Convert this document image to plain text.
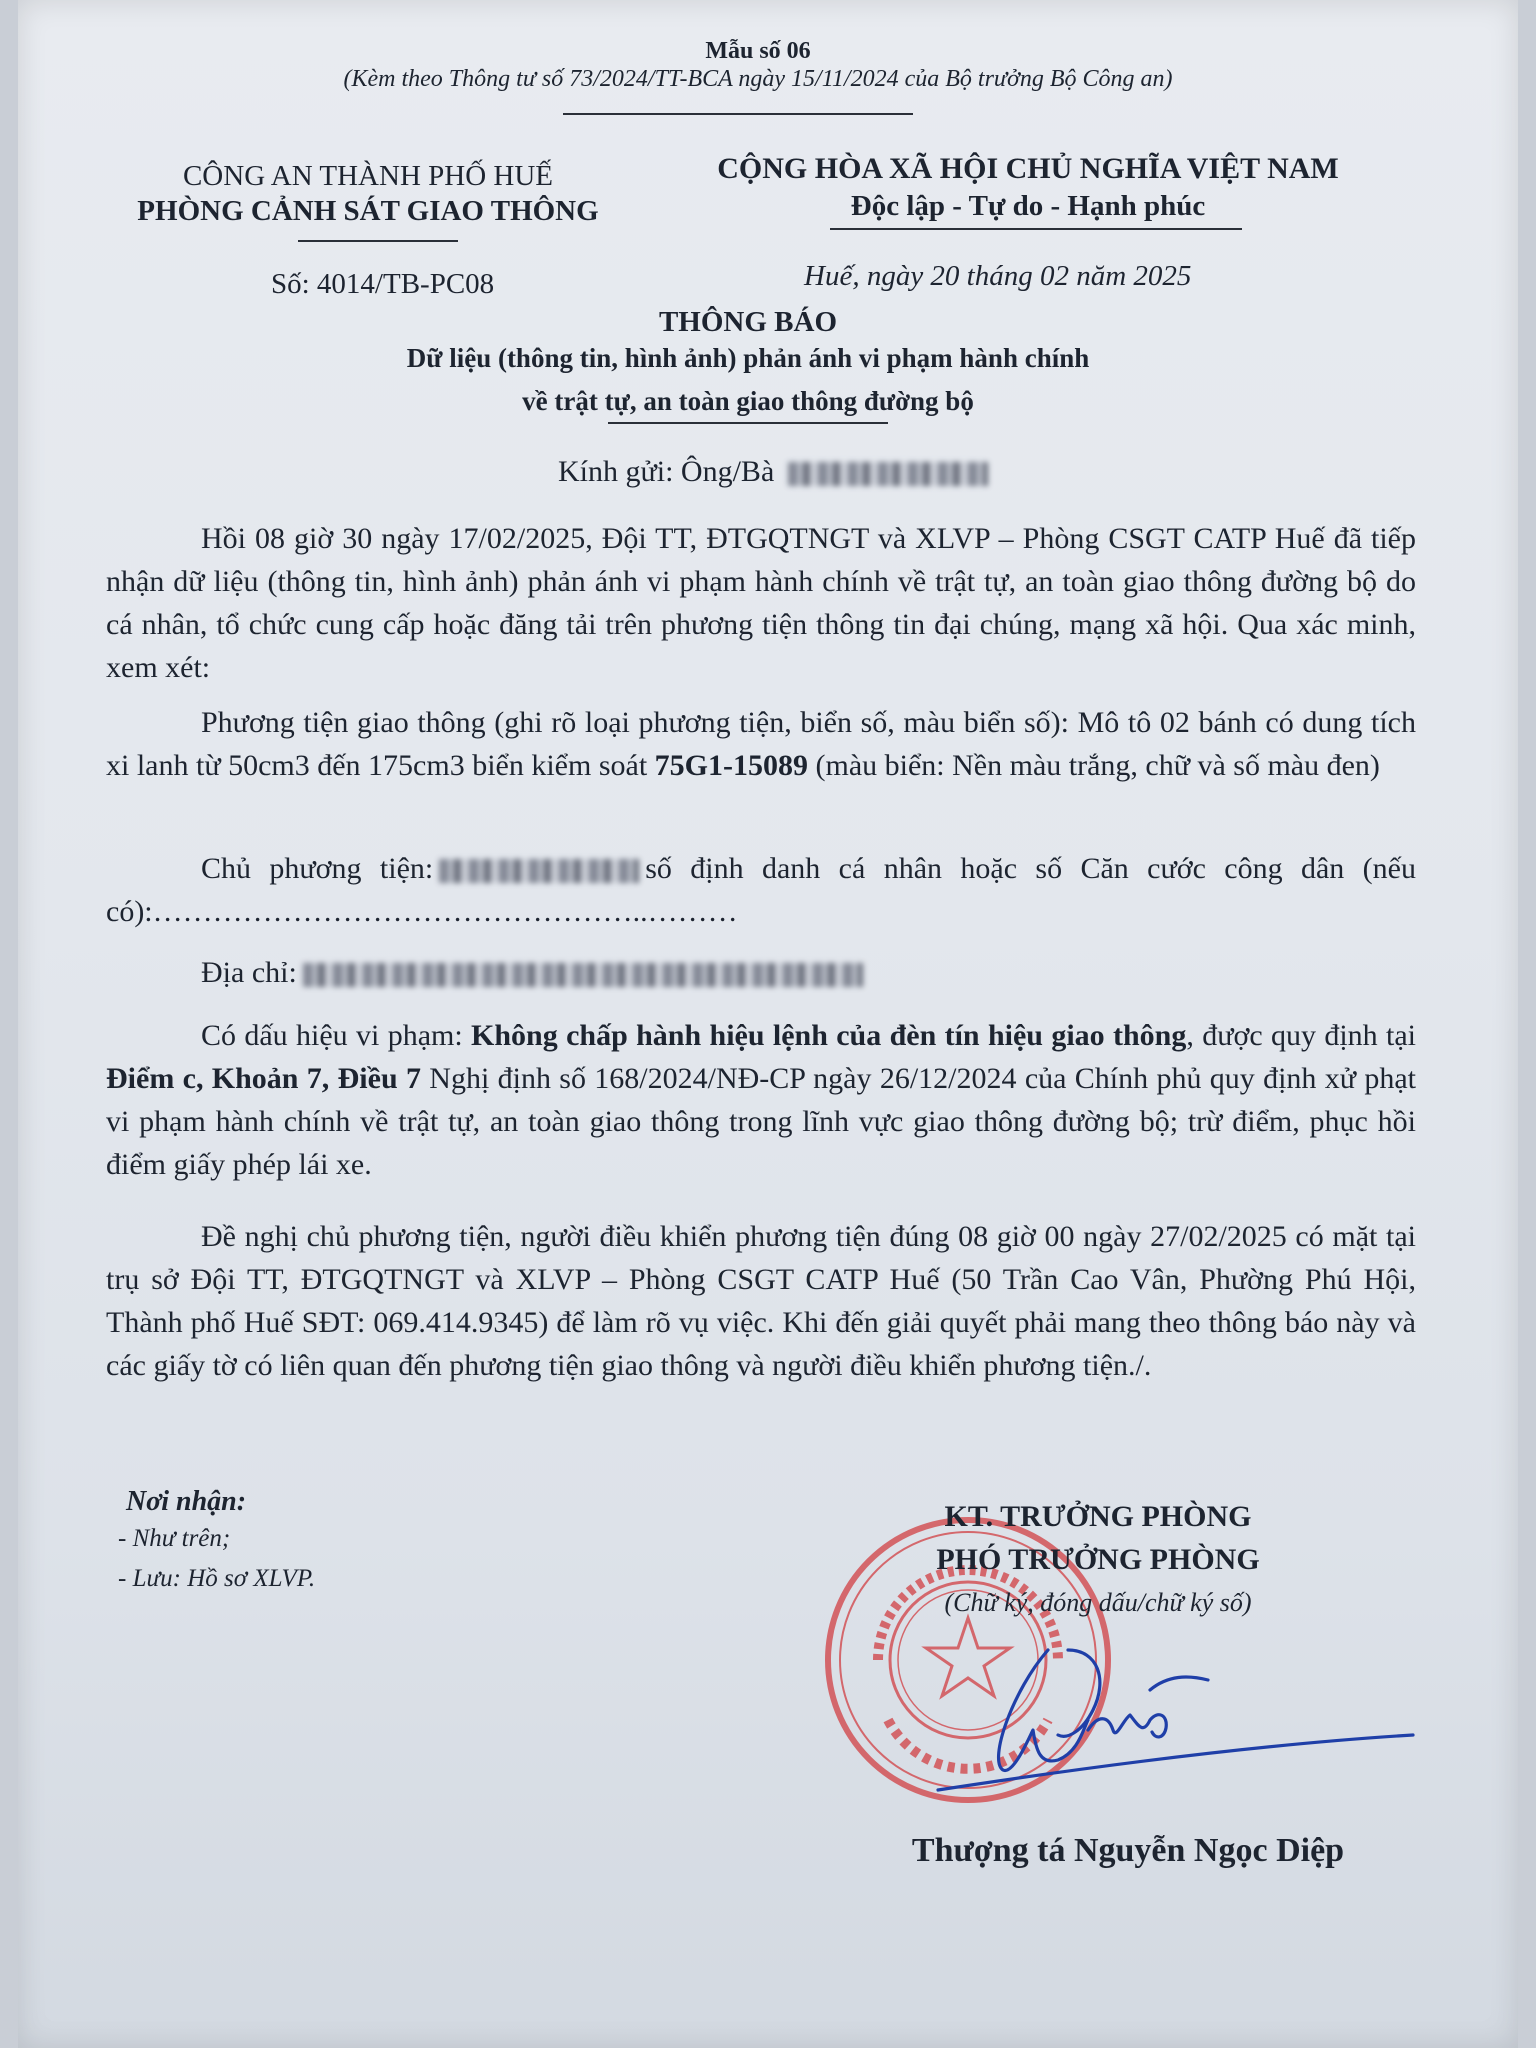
Mẫu số 06
(Kèm theo Thông tư số 73/2024/TT-BCA ngày 15/11/2024 của Bộ trưởng Bộ Công an)
CÔNG AN THÀNH PHỐ HUẾ
PHÒNG CẢNH SÁT GIAO THÔNG
CỘNG HÒA XÃ HỘI CHỦ NGHĨA VIỆT NAM
Độc lập - Tự do - Hạnh phúc
Số: 4014/TB-PC08	Huế, ngày 20 tháng 02 năm 2025
THÔNG BÁO
Dữ liệu (thông tin, hình ảnh) phản ánh vi phạm hành chính
về trật tự, an toàn giao thông đường bộ
Kính gửi: Ông/Bà
Hồi 08 giờ 30 ngày 17/02/2025, Đội TT, ĐTGQTNGT và XLVP – Phòng CSGT CATP Huế đã tiếp nhận dữ liệu (thông tin, hình ảnh) phản ánh vi phạm hành chính về trật tự, an toàn giao thông đường bộ do cá nhân, tổ chức cung cấp hoặc đăng tải trên phương tiện thông tin đại chúng, mạng xã hội. Qua xác minh, xem xét:
Phương tiện giao thông (ghi rõ loại phương tiện, biển số, màu biển số): Mô tô 02 bánh có dung tích xi lanh từ 50cm3 đến 175cm3 biển kiểm soát 75G1-15089 (màu biển: Nền màu trắng, chữ và số màu đen)
Chủ phương tiện:	số định danh cá nhân hoặc số Căn cước công dân (nếu có):…………………………………………..………
Địa chỉ:
Có dấu hiệu vi phạm: Không chấp hành hiệu lệnh của đèn tín hiệu giao thông, được quy định tại Điểm c, Khoản 7, Điều 7 Nghị định số 168/2024/NĐ-CP ngày 26/12/2024 của Chính phủ quy định xử phạt vi phạm hành chính về trật tự, an toàn giao thông trong lĩnh vực giao thông đường bộ; trừ điểm, phục hồi điểm giấy phép lái xe.
Đề nghị chủ phương tiện, người điều khiển phương tiện đúng 08 giờ 00 ngày 27/02/2025 có mặt tại trụ sở Đội TT, ĐTGQTNGT và XLVP – Phòng CSGT CATP Huế (50 Trần Cao Vân, Phường Phú Hội, Thành phố Huế SĐT: 069.414.9345) để làm rõ vụ việc. Khi đến giải quyết phải mang theo thông báo này và các giấy tờ có liên quan đến phương tiện giao thông và người điều khiển phương tiện./.
Nơi nhận:
- Như trên;
- Lưu: Hồ sơ XLVP.
KT. TRƯỞNG PHÒNG
PHÓ TRƯỞNG PHÒNG
(Chữ ký, đóng dấu/chữ ký số)
Thượng tá Nguyễn Ngọc Diệp
